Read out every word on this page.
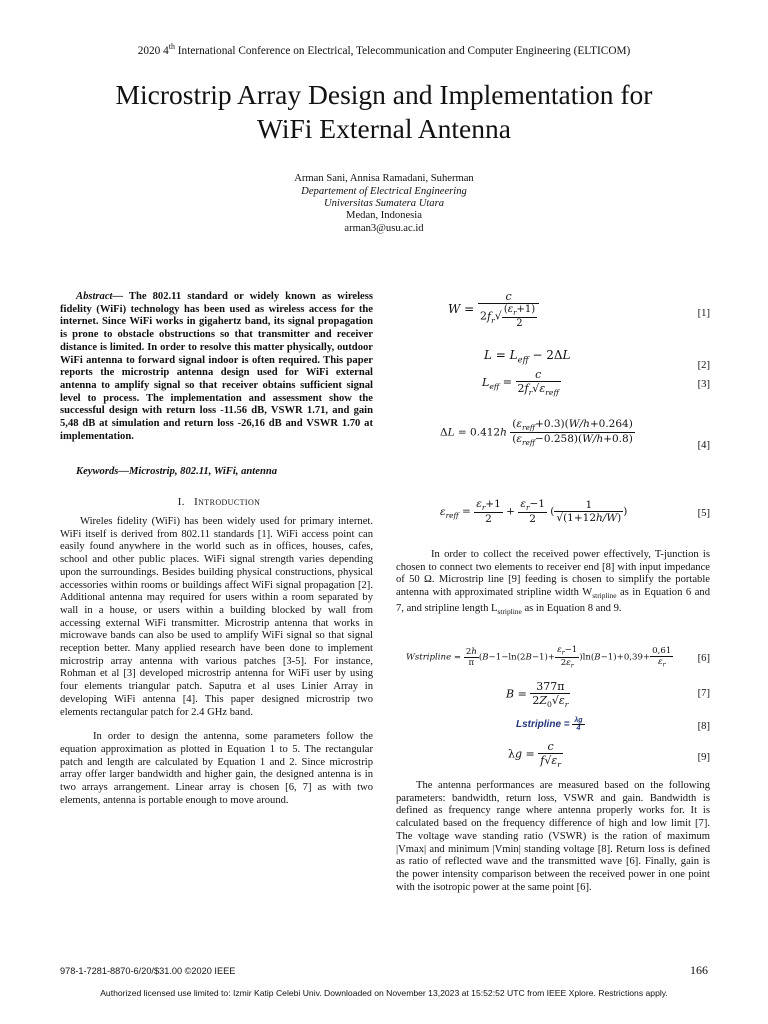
2020 4th International Conference on Electrical, Telecommunication and Computer Engineering (ELTICOM)
Microstrip Array Design and Implementation for
WiFi External Antenna
Arman Sani, Annisa Ramadani, Suherman
Departement of Electrical Engineering
Universitas Sumatera Utara
Medan, Indonesia
arman3@usu.ac.id
Abstract— The 802.11 standard or widely known as wireless fidelity (WiFi) technology has been used as wireless access for the internet. Since WiFi works in gigahertz band, its signal propagation is prone to obstacle obstructions so that transmitter and receiver distance is limited. In order to resolve this matter physically, outdoor WiFi antenna to forward signal indoor is often required. This paper reports the microstrip antenna design used for WiFi external antenna to amplify signal so that receiver obtains sufficient signal level to process. The implementation and assessment show the successful design with return loss -11.56 dB, VSWR 1.71, and gain 5,48 dB at simulation and return loss -26,16 dB and VSWR 1.70 at implementation.
Keywords—Microstrip, 802.11, WiFi, antenna
I. Introduction

Wireles fidelity (WiFi) has been widely used for primary internet. WiFi itself is derived from 802.11 standards [1]. WiFi access point can easily found anywhere in the world such as in offices, houses, cafes, school and other public places. WiFi signal strength varies depending upon the surroundings. Besides building physical constructions, physical accessories within rooms or buildings affect WiFi signal propagation [2]. Additional antenna may required for users within a room separated by wall in a house, or users within a building blocked by wall from accessing external WiFi transmitter. Microstrip antenna that works in microwave bands can also be used to amplify WiFi signal so that signal reception better. Many applied research have been done to implement microstrip array antenna with various patches [3-5]. For instance, Rohman et al [3] developed microstrip antenna for WiFi user by using four elements triangular patch. Saputra et al uses Linier Array in developing WiFi antenna [4]. This paper designed microstrip two elements rectangular patch for 2.4 GHz band.

In order to design the antenna, some parameters follow the equation approximation as plotted in Equation 1 to 5. The rectangular patch and length are calculated by Equation 1 and 2. Since microstrip array offer larger bandwidth and higher gain, the designed antenna is in two arrays arrangement. Linear array is chosen [6, 7] as with two elements, antenna is portable enough to move around.

$W = \frac{c}{2f_r√ \frac{(\varepsilon_r+1)}{2}}$	[1]
$L = L_{eff} - 2\Delta L$
[2]
$L_{eff} = \frac{c}{2f_r√\varepsilon_{reff}}$	[3]
$\Delta L = 0.412h \frac{(\varepsilon_{reff}+0.3)(W/h+0.264)}{(\varepsilon_{reff}-0.258)(W/h+0.8)}$	[4]
$\varepsilon_{reff} = \frac{\varepsilon_r+1}{2} + \frac{\varepsilon_r-1}{2}$ ( $\frac{1}{√(1+12h/W)}$ )	[5]

In order to collect the received power effectively, T-junction is chosen to connect two elements to receiver end [8] with input impedance of 50 Ω. Microstrip line [9] feeding is chosen to simplify the portable antenna with approximated stripline width $W_{stripline}$ as in Equation 6 and 7, and stripline length $L_{stripline}$ as in Equation 8 and 9.

Wstripline = $\frac{2h}{\pi} (B-1-\ln(2B-1)+ \frac{\varepsilon_r-1}{2\varepsilon_r} )\ln(B-1)+0,39+ \frac{0,61}{\varepsilon_r} [6]$
$B = \frac{377\pi}{2Z_0√\varepsilon_r}$	[7]
Lstripline = $\frac{\lambda g}{4}$	[8]
$\lambda g = \frac{c}{f√\varepsilon_r}$	[9]
The antenna performances are measured based on the following parameters: bandwidth, return loss, VSWR and gain. Bandwidth is defined as frequency range where antenna properly works for. It is calculated based on the frequency difference of high and low limit [7]. The voltage wave standing ratio (VSWR) is the ration of maximum |Vmax| and minimum |Vmin| standing voltage [8]. Return loss is defined as ratio of reflected wave and the transmitted wave [6]. Finally, gain is the power intensity comparison between the received power in one point with the isotropic power at the same point [6].
978-1-7281-8870-6/20/$31.00 ©2020 IEEE	166
Authorized licensed use limited to: Izmir Katip Celebi Univ. Downloaded on November 13,2023 at 15:52:52 UTC from IEEE Xplore. Restrictions apply.
